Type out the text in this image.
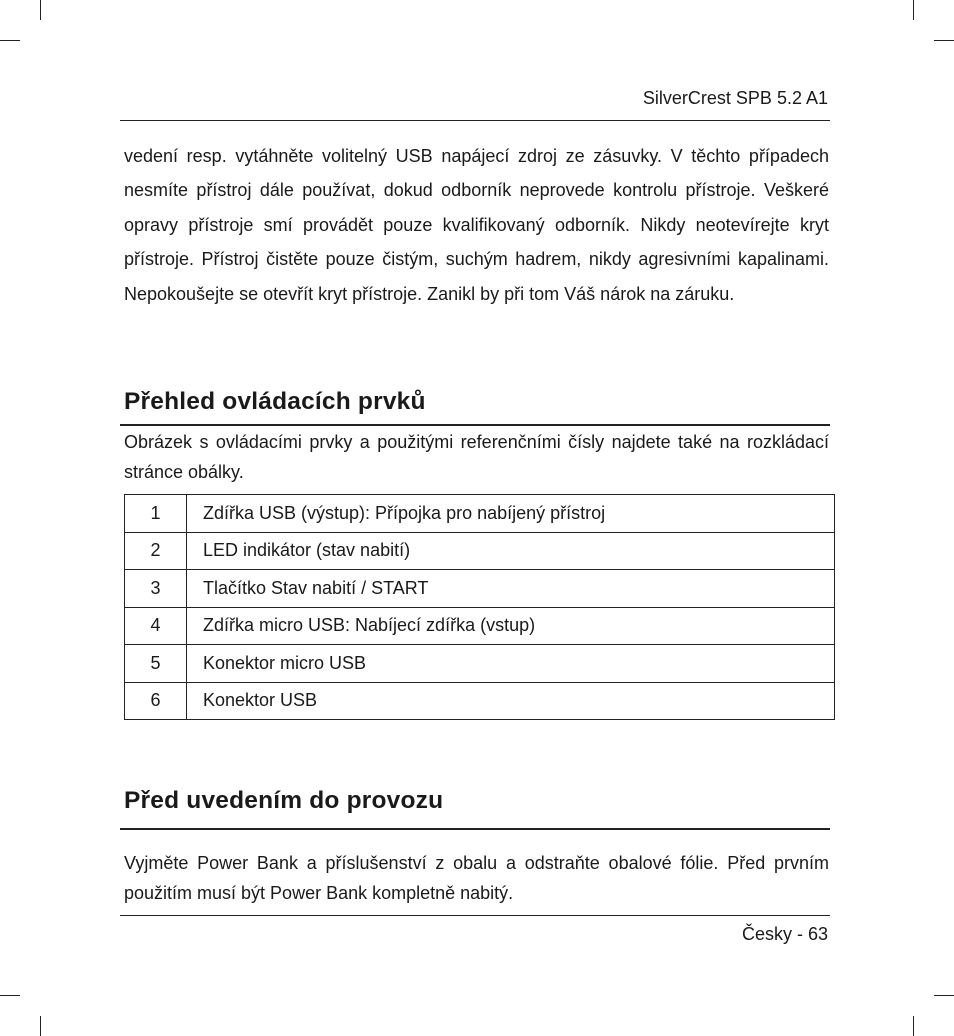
SilverCrest SPB 5.2 A1

vedení resp. vytáhněte volitelný USB napájecí zdroj ze zásuvky. V těchto případech nesmíte přístroj dále používat, dokud odborník neprovede kontrolu přístroje. Veškeré opravy přístroje smí provádět pouze kvalifikovaný odborník. Nikdy neotevírejte kryt přístroje. Přístroj čistěte pouze čistým, suchým hadrem, nikdy agresivními kapalinami. Nepokoušejte se otevřít kryt přístroje. Zanikl by při tom Váš nárok na záruku.

Přehled ovládacích prvků

Obrázek s ovládacími prvky a použitými referenčními čísly najdete také na rozkládací stránce obálky.

1	Zdířka USB (výstup): Přípojka pro nabíjený přístroj
2	LED indikátor (stav nabití)
3	Tlačítko Stav nabití / START
4	Zdířka micro USB: Nabíjecí zdířka (vstup)
5	Konektor micro USB
6	Konektor USB
Před uvedením do provozu

Vyjměte Power Bank a příslušenství z obalu a odstraňte obalové fólie. Před prvním použitím musí být Power Bank kompletně nabitý.

Česky - 63
